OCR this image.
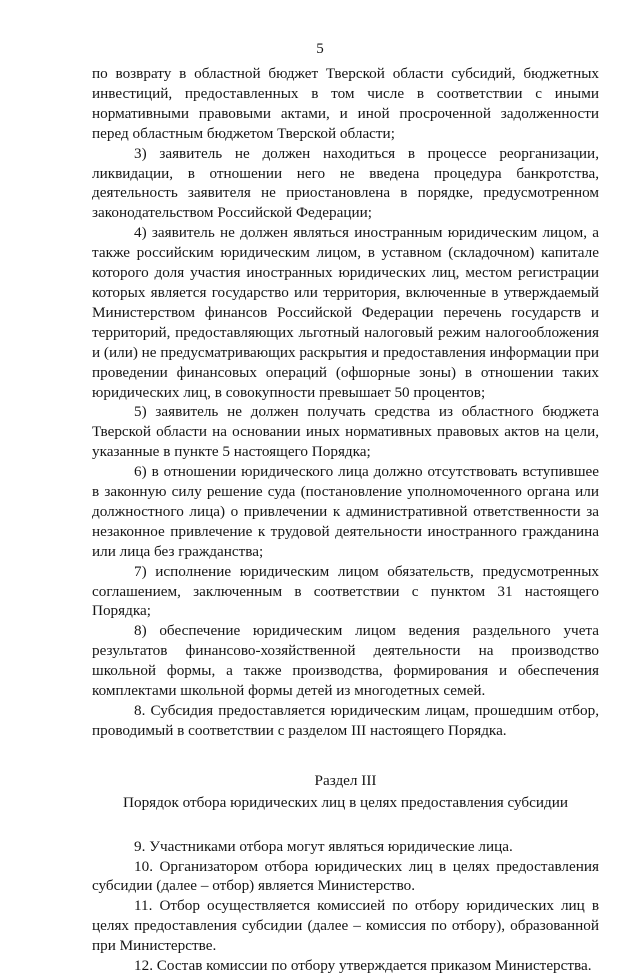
5

по возврату в областной бюджет Тверской области субсидий, бюджетных инвестиций, предоставленных в том числе в соответствии с иными нормативными правовыми актами, и иной просроченной задолженности перед областным бюджетом Тверской области;

3) заявитель не должен находиться в процессе реорганизации, ликвидации, в отношении него не введена процедура банкротства, деятельность заявителя не приостановлена в порядке, предусмотренном законодательством Российской Федерации;

4) заявитель не должен являться иностранным юридическим лицом, а также российским юридическим лицом, в уставном (складочном) капитале которого доля участия иностранных юридических лиц, местом регистрации которых является государство или территория, включенные в утверждаемый Министерством финансов Российской Федерации перечень государств и территорий, предоставляющих льготный налоговый режим налогообложения и (или) не предусматривающих раскрытия и предоставления информации при проведении финансовых операций (офшорные зоны) в отношении таких юридических лиц, в совокупности превышает 50 процентов;

5) заявитель не должен получать средства из областного бюджета Тверской области на основании иных нормативных правовых актов на цели, указанные в пункте 5 настоящего Порядка;

6) в отношении юридического лица должно отсутствовать вступившее в законную силу решение суда (постановление уполномоченного органа или должностного лица) о привлечении к административной ответственности за незаконное привлечение к трудовой деятельности иностранного гражданина или лица без гражданства;

7) исполнение юридическим лицом обязательств, предусмотренных соглашением, заключенным в соответствии с пунктом 31 настоящего Порядка;

8) обеспечение юридическим лицом ведения раздельного учета результатов финансово-хозяйственной деятельности на производство школьной формы, а также производства, формирования и обеспечения комплектами школьной формы детей из многодетных семей.

8. Субсидия предоставляется юридическим лицам, прошедшим отбор, проводимый в соответствии с разделом III настоящего Порядка.

Раздел III

Порядок отбора юридических лиц в целях предоставления субсидии

9. Участниками отбора могут являться юридические лица.

10. Организатором отбора юридических лиц в целях предоставления субсидии (далее – отбор) является Министерство.

11. Отбор осуществляется комиссией по отбору юридических лиц в целях предоставления субсидии (далее – комиссия по отбору), образованной при Министерстве.

12. Состав комиссии по отбору утверждается приказом Министерства.
